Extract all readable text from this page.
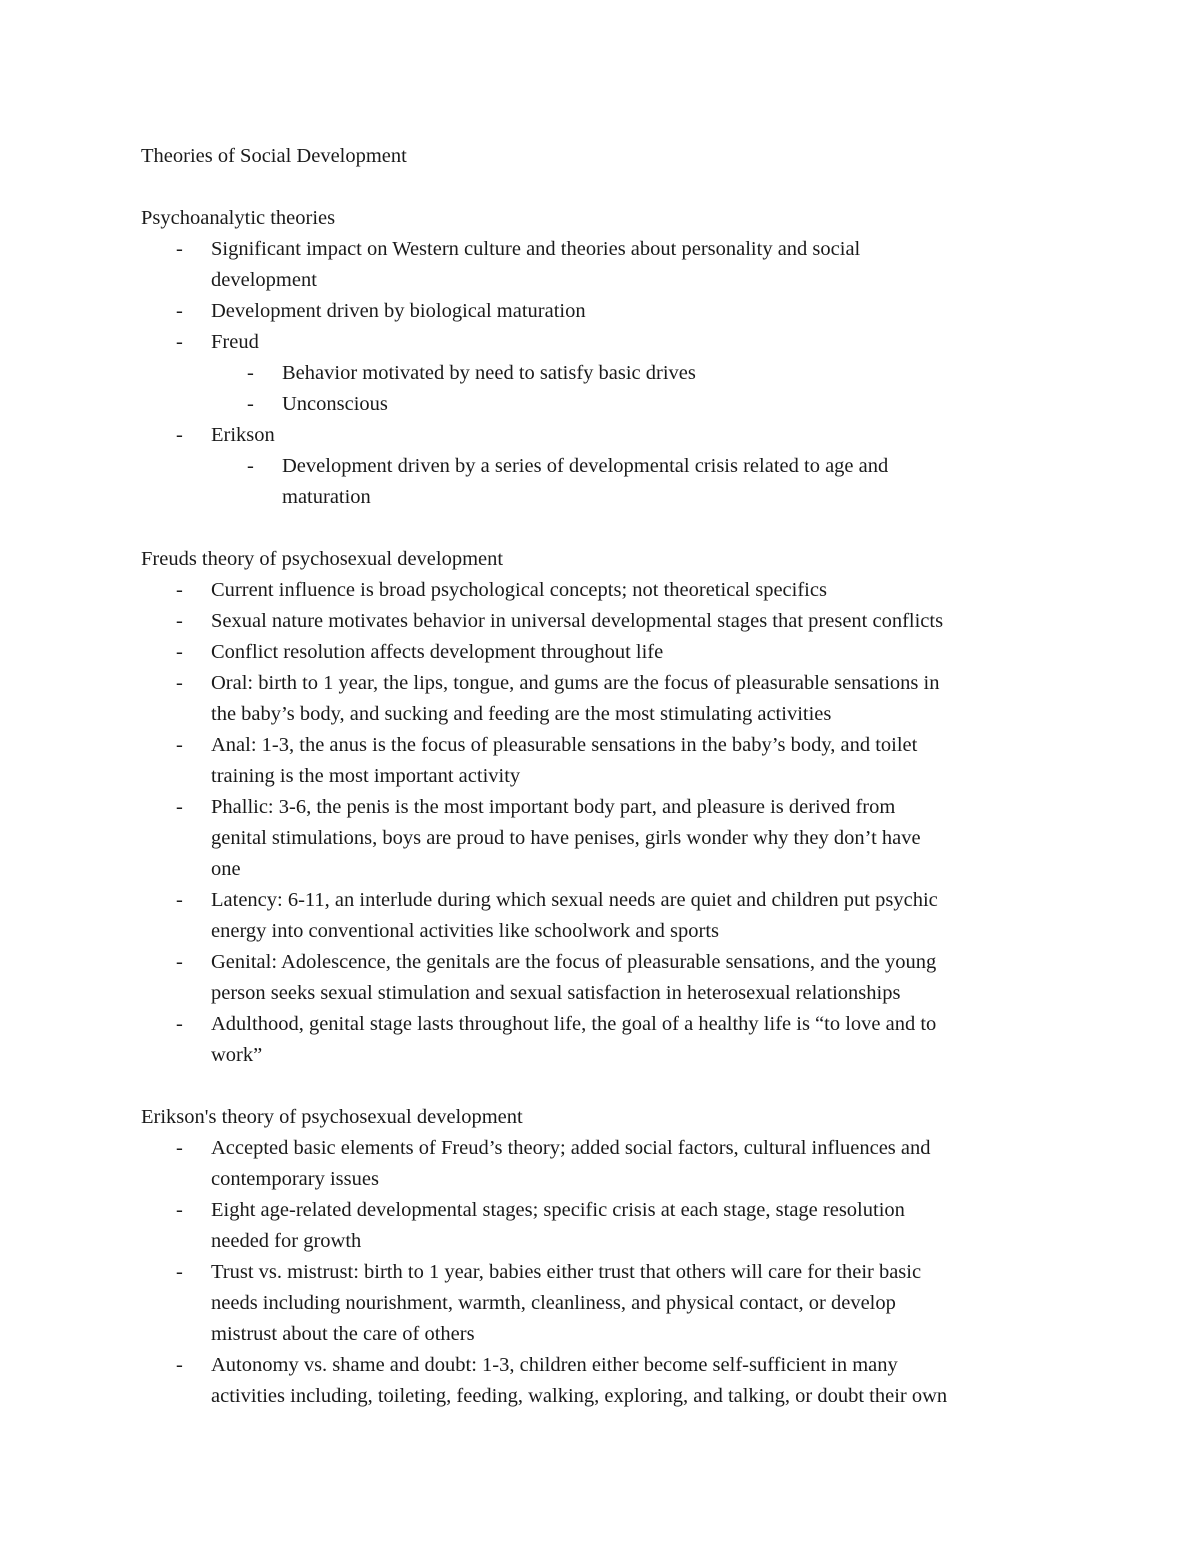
Theories of Social Development
Psychoanalytic theories
- Significant impact on Western culture and theories about personality and social
development
- Development driven by biological maturation
- Freud
- Behavior motivated by need to satisfy basic drives
- Unconscious
- Erikson
- Development driven by a series of developmental crisis related to age and
maturation
Freuds theory of psychosexual development
- Current influence is broad psychological concepts; not theoretical specifics
- Sexual nature motivates behavior in universal developmental stages that present conflicts
- Conflict resolution affects development throughout life
- Oral: birth to 1 year, the lips, tongue, and gums are the focus of pleasurable sensations in
the baby’s body, and sucking and feeding are the most stimulating activities
- Anal: 1-3, the anus is the focus of pleasurable sensations in the baby’s body, and toilet
training is the most important activity
- Phallic: 3-6, the penis is the most important body part, and pleasure is derived from
genital stimulations, boys are proud to have penises, girls wonder why they don’t have
one
- Latency: 6-11, an interlude during which sexual needs are quiet and children put psychic
energy into conventional activities like schoolwork and sports
- Genital: Adolescence, the genitals are the focus of pleasurable sensations, and the young
person seeks sexual stimulation and sexual satisfaction in heterosexual relationships
- Adulthood, genital stage lasts throughout life, the goal of a healthy life is “to love and to
work”
Erikson's theory of psychosexual development
- Accepted basic elements of Freud’s theory; added social factors, cultural influences and
contemporary issues
- Eight age-related developmental stages; specific crisis at each stage, stage resolution
needed for growth
- Trust vs. mistrust: birth to 1 year, babies either trust that others will care for their basic
needs including nourishment, warmth, cleanliness, and physical contact, or develop
mistrust about the care of others
- Autonomy vs. shame and doubt: 1-3, children either become self-sufficient in many
activities including, toileting, feeding, walking, exploring, and talking, or doubt their own
